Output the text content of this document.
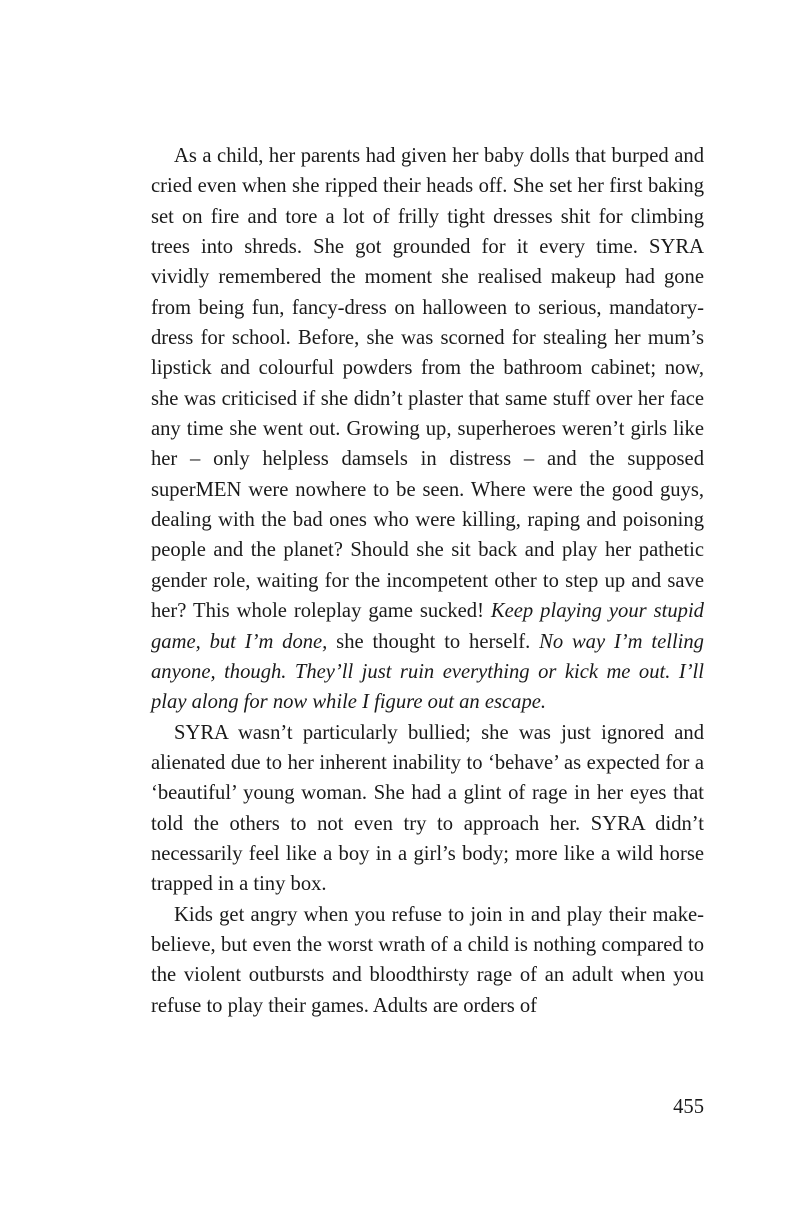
As a child, her parents had given her baby dolls that burped and cried even when she ripped their heads off. She set her first baking set on fire and tore a lot of frilly tight dresses shit for climbing trees into shreds. She got grounded for it every time. SYRA vividly remembered the moment she realised makeup had gone from being fun, fancy-dress on halloween to serious, mandatory-dress for school. Before, she was scorned for stealing her mum’s lipstick and colourful powders from the bathroom cabinet; now, she was criticised if she didn’t plaster that same stuff over her face any time she went out. Growing up, superheroes weren’t girls like her – only helpless damsels in distress – and the supposed superMEN were nowhere to be seen. Where were the good guys, dealing with the bad ones who were killing, raping and poisoning people and the planet? Should she sit back and play her pathetic gender role, waiting for the incompetent other to step up and save her? This whole roleplay game sucked! Keep playing your stupid game, but I’m done, she thought to herself. No way I’m telling anyone, though. They’ll just ruin everything or kick me out. I’ll play along for now while I figure out an escape.

SYRA wasn’t particularly bullied; she was just ignored and alienated due to her inherent inability to ‘behave’ as expected for a ‘beautiful’ young woman. She had a glint of rage in her eyes that told the others to not even try to approach her. SYRA didn’t necessarily feel like a boy in a girl’s body; more like a wild horse trapped in a tiny box.

Kids get angry when you refuse to join in and play their make-believe, but even the worst wrath of a child is nothing compared to the violent outbursts and bloodthirsty rage of an adult when you refuse to play their games. Adults are orders of

455
